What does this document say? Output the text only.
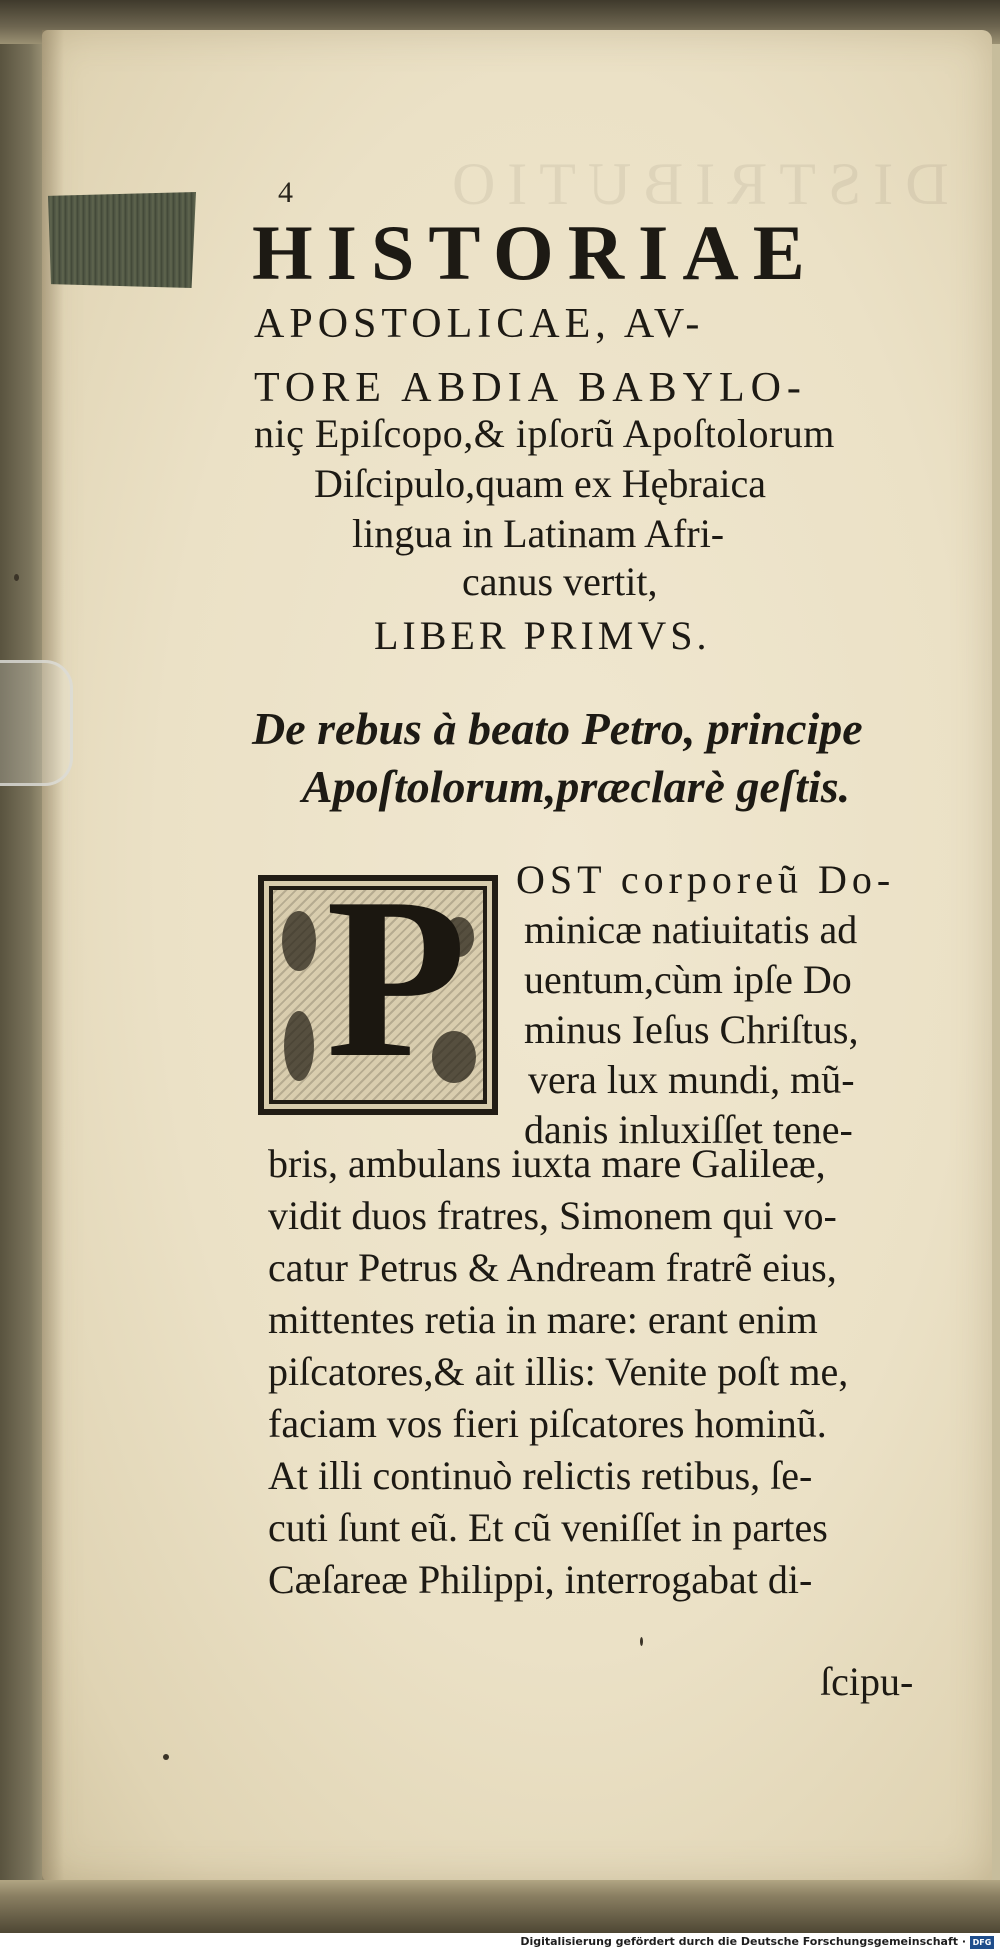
DISTRIBUTIO
4
HISTORIAE
APOSTOLICAE, AV-
TORE ABDIA BABYLO-
niç Epiſcopo,& ipſorũ Apoſtolorum
Diſcipulo,quam ex Hębraica
lingua in Latinam Afri-
canus vertit,
LIBER PRIMVS.
De rebus à beato Petro, principe
Apoſtolorum,præclarè geſtis.
P OST corporeũ Do-
minicæ natiuitatis ad
uentum,cùm ipſe Do
minus Ieſus Chriſtus,
vera lux mundi, mũ-
danis inluxiſſet tene-
bris, ambulans iuxta mare Galileæ,
vidit duos fratres, Simonem qui vo-
catur Petrus & Andream fratrẽ eius,
mittentes retia in mare: erant enim
piſcatores,& ait illis: Venite poſt me,
faciam vos fieri piſcatores hominũ.
At illi continuò relictis retibus, ſe-
cuti ſunt eũ. Et cũ veniſſet in partes
Cæſareæ Philippi, interrogabat di-
ſcipu-
Digitalisierung gefördert durch die Deutsche Forschungsgemeinschaft · DFG
